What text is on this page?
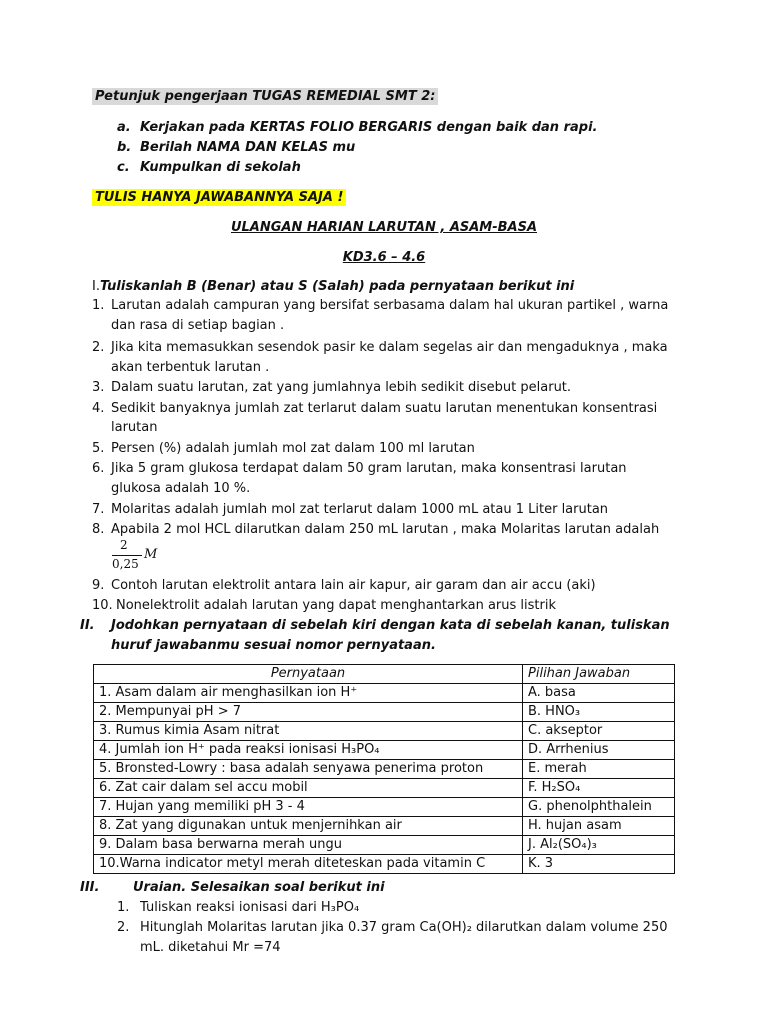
Petunjuk pengerjaan TUGAS REMEDIAL SMT 2:
a. Kerjakan pada KERTAS FOLIO BERGARIS dengan baik dan rapi.
b. Berilah NAMA DAN KELAS mu
c. Kumpulkan di sekolah
TULIS HANYA JAWABANNYA SAJA !
ULANGAN HARIAN LARUTAN , ASAM-BASA
KD3.6 – 4.6
I.Tuliskanlah B (Benar) atau S (Salah) pada pernyataan berikut ini
1. Larutan adalah campuran yang bersifat serbasama dalam hal ukuran partikel , warna
dan rasa di setiap bagian .
2. Jika kita memasukkan sesendok pasir ke dalam segelas air dan mengaduknya , maka
akan terbentuk larutan .
3. Dalam suatu larutan, zat yang jumlahnya lebih sedikit disebut pelarut.
4. Sedikit banyaknya jumlah zat terlarut dalam suatu larutan menentukan konsentrasi
larutan
5. Persen (%) adalah jumlah mol zat dalam 100 ml larutan
6. Jika 5 gram glukosa terdapat dalam 50 gram larutan, maka konsentrasi larutan
glukosa adalah 10 %.
7. Molaritas adalah jumlah mol zat terlarut dalam 1000 mL atau 1 Liter larutan
8. Apabila 2 mol HCL dilarutkan dalam 250 mL larutan , maka Molaritas larutan adalah
2
0,25
M
9. Contoh larutan elektrolit antara lain air kapur, air garam dan air accu (aki)
10. Nonelektrolit adalah larutan yang dapat menghantarkan arus listrik
II. Jodohkan pernyataan di sebelah kiri dengan kata di sebelah kanan, tuliskan
huruf jawabanmu sesuai nomor pernyataan.
Pernyataan	Pilihan Jawaban
1. Asam dalam air menghasilkan ion H⁺	A. basa
2. Mempunyai pH > 7	B. HNO₃
3. Rumus kimia Asam nitrat	C. akseptor
4. Jumlah ion H⁺ pada reaksi ionisasi H₃PO₄	D. Arrhenius
5. Bronsted-Lowry : basa adalah senyawa penerima proton	E. merah
6. Zat cair dalam sel accu mobil	F. H₂SO₄
7. Hujan yang memiliki pH 3 - 4	G. phenolphthalein
8. Zat yang digunakan untuk menjernihkan air	H. hujan asam
9. Dalam basa berwarna merah ungu	J. Al₂(SO₄)₃
10.Warna indicator metyl merah diteteskan pada vitamin C	K. 3
III.	Uraian. Selesaikan soal berikut ini
1. Tuliskan reaksi ionisasi dari H₃PO₄
2. Hitunglah Molaritas larutan jika 0.37 gram Ca(OH)₂ dilarutkan dalam volume 250
mL. diketahui Mr =74
